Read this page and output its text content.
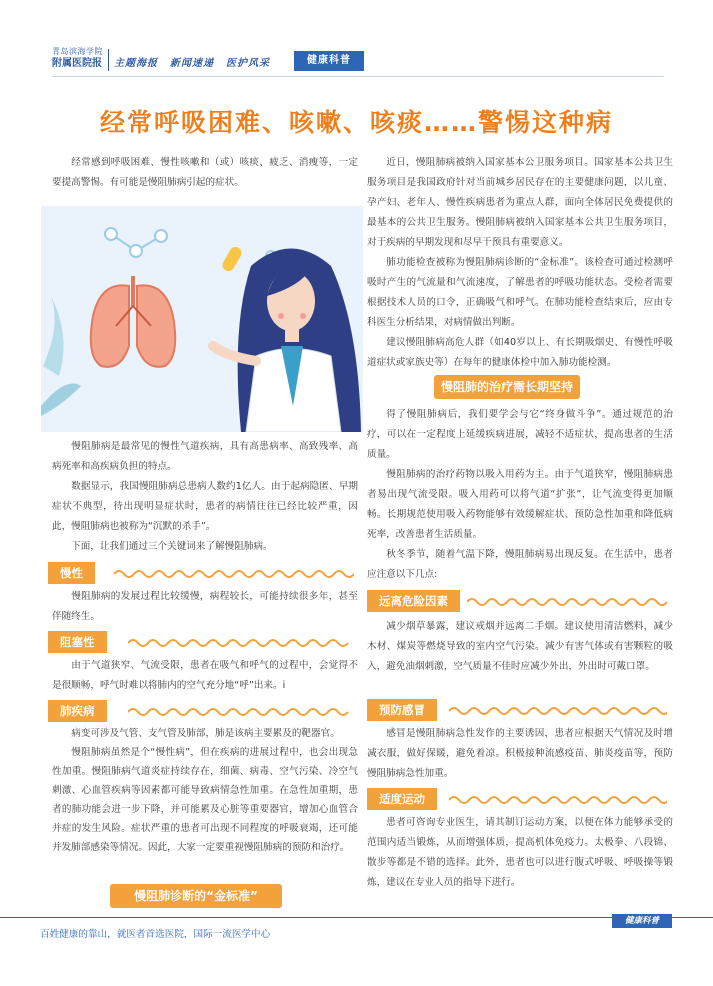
青岛滨海学院
附属医院报 主题海报 新闻速递 医护风采	健康科普
经常呼吸困难、咳嗽、咳痰……警惕这种病

经常感到呼吸困难、慢性咳嗽和（或）咳痰、疲乏、消瘦等，一定要提高警惕。有可能是慢阻肺病引起的症状。

慢阻肺病是最常见的慢性气道疾病，具有高患病率、高致残率、高病死率和高疾病负担的特点。

数据显示，我国慢阻肺病总患病人数约1亿人。由于起病隐匿、早期症状不典型，待出现明显症状时，患者的病情往往已经比较严重，因此，慢阻肺病也被称为“沉默的杀手”。

下面，让我们通过三个关键词来了解慢阻肺病。

慢性

慢阻肺病的发展过程比较缓慢，病程较长，可能持续很多年，甚至伴随终生。

阻塞性

由于气道狭窄、气流受限，患者在吸气和呼气的过程中，会觉得不是很顺畅，呼气时难以将肺内的空气充分地“呼”出来。i

肺疾病

病变可涉及气管、支气管及肺部，肺是该病主要累及的靶器官。

慢阻肺病虽然是个“慢性病”，但在疾病的进展过程中，也会出现急性加重。慢阻肺病气道炎症持续存在，细菌、病毒、空气污染、冷空气刺激、心血管疾病等因素都可能导致病情急性加重。在急性加重期，患者的肺功能会进一步下降，并可能累及心脏等重要器官，增加心血管合并症的发生风险。症状严重的患者可出现不同程度的呼吸衰竭，还可能并发肺部感染等情况。因此，大家一定要重视慢阻肺病的预防和治疗。

慢阻肺诊断的“金标准”

近日，慢阻肺病被纳入国家基本公卫服务项目。国家基本公共卫生服务项目是我国政府针对当前城乡居民存在的主要健康问题，以儿童、孕产妇、老年人、慢性疾病患者为重点人群，面向全体居民免费提供的最基本的公共卫生服务。慢阻肺病被纳入国家基本公共卫生服务项目，对于疾病的早期发现和尽早干预具有重要意义。

肺功能检查被称为慢阻肺病诊断的“金标准”。该检查可通过检测呼吸时产生的气流量和气流速度，了解患者的呼吸功能状态。受检者需要根据技术人员的口令，正确吸气和呼气。在肺功能检查结束后，应由专科医生分析结果，对病情做出判断。

建议慢阻肺病高危人群（如40岁以上、有长期吸烟史、有慢性呼吸道症状或家族史等）在每年的健康体检中加入肺功能检测。

慢阻肺的治疗需长期坚持

得了慢阻肺病后，我们要学会与它“终身做斗争”。通过规范的治疗，可以在一定程度上延缓疾病进展，减轻不适症状，提高患者的生活质量。

慢阻肺病的治疗药物以吸入用药为主。由于气道狭窄，慢阻肺病患者易出现气流受限。吸入用药可以将气道“扩张”，让气流变得更加顺畅。长期规范使用吸入药物能够有效缓解症状、预防急性加重和降低病死率，改善患者生活质量。

秋冬季节，随着气温下降，慢阻肺病易出现反复。在生活中，患者应注意以下几点:

远离危险因素

减少烟草暴露，建议戒烟并远离二手烟。建议使用清洁燃料，减少木材、煤炭等燃烧导致的室内空气污染。减少有害气体或有害颗粒的吸入，避免油烟刺激，空气质量不佳时应减少外出，外出时可戴口罩。

预防感冒

感冒是慢阻肺病急性发作的主要诱因，患者应根据天气情况及时增减衣服，做好保暖，避免着凉。积极接种流感疫苗、肺炎疫苗等，预防慢阻肺病急性加重。

适度运动

患者可咨询专业医生，请其制订运动方案，以便在体力能够承受的范围内适当锻炼，从而增强体质，提高机体免疫力。太极拳、八段锦、散步等都是不错的选择。此外，患者也可以进行腹式呼吸、呼吸操等锻炼，建议在专业人员的指导下进行。

百姓健康的靠山，就医者首选医院，国际一流医学中心
健康科普
